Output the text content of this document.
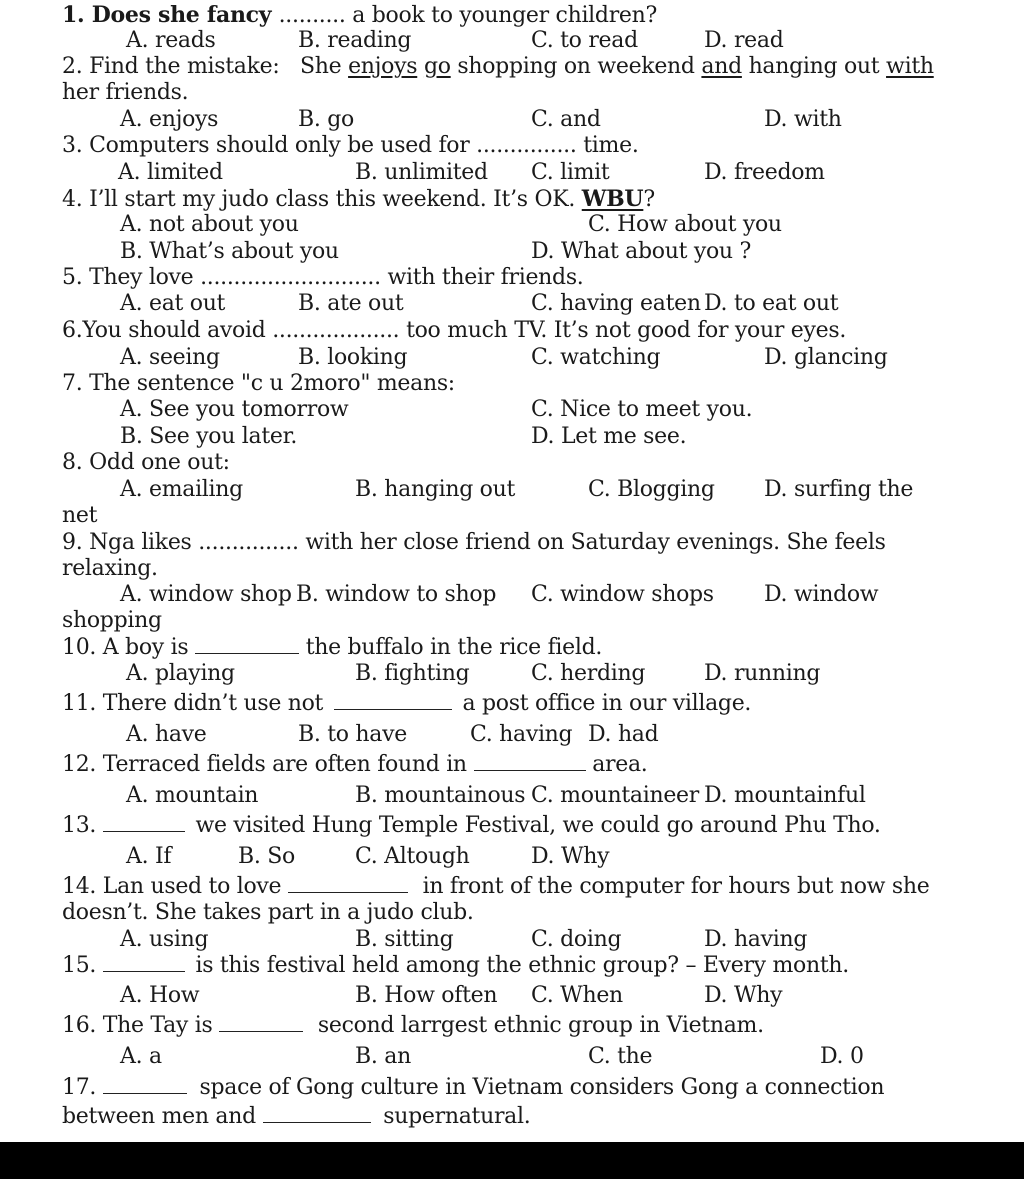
1. Does she fancy .......... a book to younger children?
A. reads	B. reading	C. to read	D. read
2. Find the mistake: She enjoys go shopping on weekend and hanging out with
her friends.
A. enjoys	B. go	C. and	D. with
3. Computers should only be used for ............... time.
A. limited	B. unlimited C. limit	D. freedom
4. I’ll start my judo class this weekend. It’s OK. WBU?
A. not about you	C. How about you
B. What’s about you	D. What about you ?
5. They love ........................... with their friends.
A. eat out	B. ate out	C. having eaten D. to eat out
6.You should avoid ................... too much TV. It’s not good for your eyes.
A. seeing	B. looking	C. watching	D. glancing
7. The sentence "c u 2moro" means:
A. See you tomorrow	C. Nice to meet you.
B. See you later.	D. Let me see.
8. Odd one out:
A. emailing	B. hanging out	C. Blogging D. surfing the
net
9. Nga likes ............... with her close friend on Saturday evenings. She feels
relaxing.
A. window shop B. window to shop C. window shops D. window
shopping
10. A boy is	the buffalo in the rice field.
A. playing	B. fighting	C. herding	D. running
11. There didn’t use not	a post office in our village.
A. have	B. to have	C. having D. had
12. Terraced fields are often found in	area.
A. mountain	B. mountainous C. mountaineer D. mountainful
13.	we visited Hung Temple Festival, we could go around Phu Tho.
A. If	B. So	C. Altough	D. Why
14. Lan used to love	in front of the computer for hours but now she
doesn’t. She takes part in a judo club.
A. using	B. sitting	C. doing	D. having
15.	is this festival held among the ethnic group? – Every month.
A. How	B. How often C. When	D. Why
16. The Tay is	second larrgest ethnic group in Vietnam.
A. a	B. an	C. the	D. 0
17.	space of Gong culture in Vietnam considers Gong a connection
between men and	supernatural.
